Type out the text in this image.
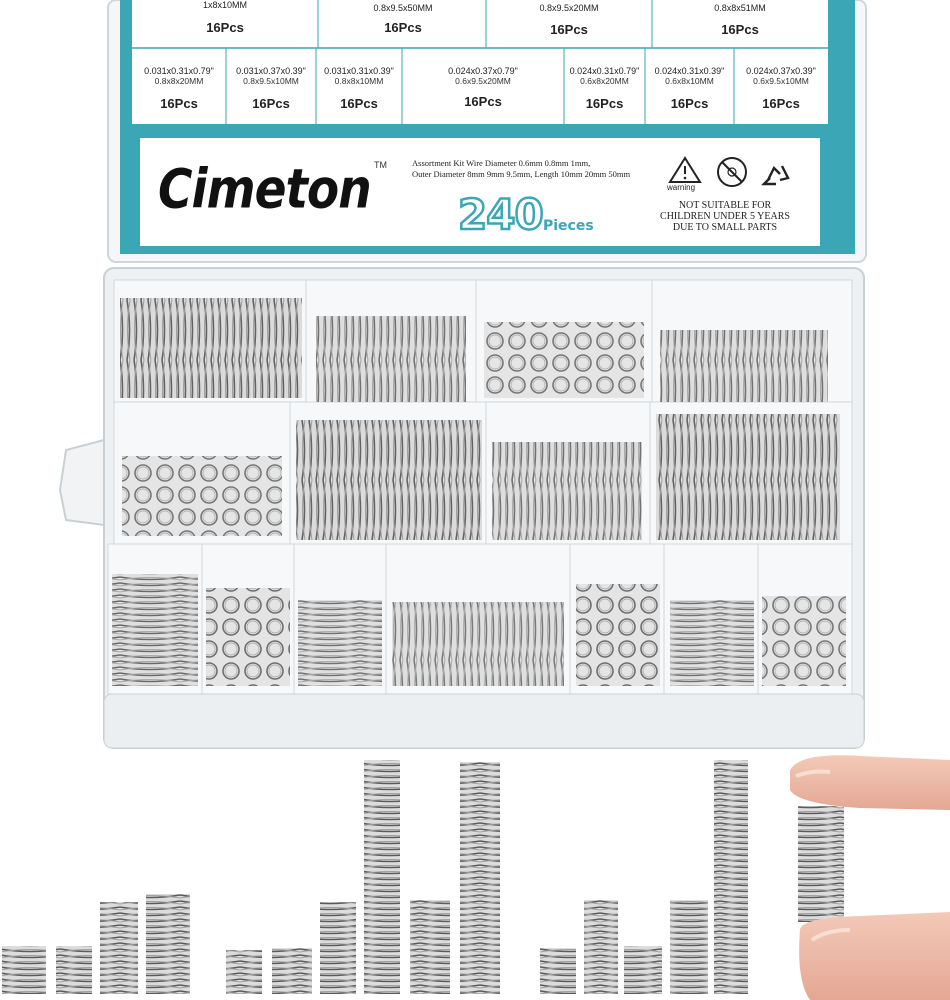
1x8x10MM
16Pcs
0.8x9.5x50MM
16Pcs
0.8x9.5x20MM
16Pcs
0.8x8x51MM
16Pcs
0.031x0.31x0.79"
0.8x8x20MM
16Pcs
0.031x0.37x0.39"
0.8x9.5x10MM
16Pcs
0.031x0.31x0.39"
0.8x8x10MM
16Pcs
0.024x0.37x0.79"
0.6x9.5x20MM
16Pcs
0.024x0.31x0.79"
0.6x8x20MM
16Pcs
0.024x0.31x0.39"
0.6x8x10MM
16Pcs
0.024x0.37x0.39"
0.6x9.5x10MM
16Pcs
Cimeton TM	Assortment Kit Wire Diameter 0.6mm 0.8mm 1mm,
Outer Diameter 8mm 9mm 9.5mm, Length 10mm 20mm 50mm
240 Pieces
warning
NOT SUITABLE FOR
CHILDREN UNDER 5 YEARS
DUE TO SMALL PARTS
